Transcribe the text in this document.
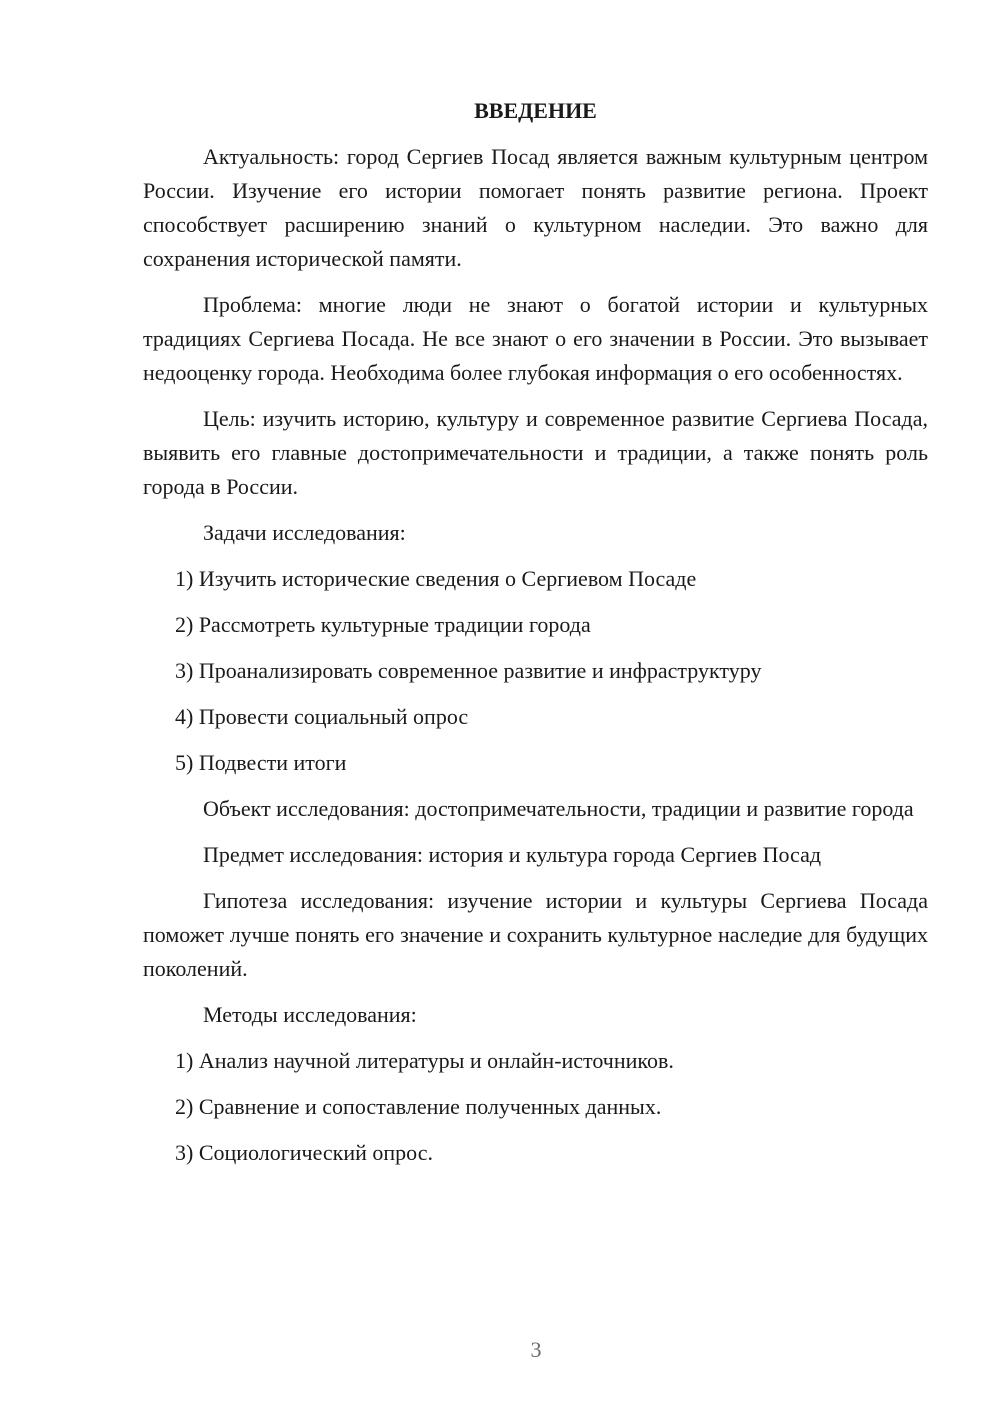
ВВЕДЕНИЕ

Актуальность: город Сергиев Посад является важным культурным центром России. Изучение его истории помогает понять развитие региона. Проект способствует расширению знаний о культурном наследии. Это важно для сохранения исторической памяти.

Проблема: многие люди не знают о богатой истории и культурных традициях Сергиева Посада. Не все знают о его значении в России. Это вызывает недооценку города. Необходима более глубокая информация о его особенностях.

Цель: изучить историю, культуру и современное развитие Сергиева Посада, выявить его главные достопримечательности и традиции, а также понять роль города в России.

Задачи исследования:

1) Изучить исторические сведения о Сергиевом Посаде
2) Рассмотреть культурные традиции города
3) Проанализировать современное развитие и инфраструктуру
4) Провести социальный опрос
5) Подвести итоги

Объект исследования: достопримечательности, традиции и развитие города

Предмет исследования: история и культура города Сергиев Посад

Гипотеза исследования: изучение истории и культуры Сергиева Посада поможет лучше понять его значение и сохранить культурное наследие для будущих поколений.

Методы исследования:

1) Анализ научной литературы и онлайн-источников.
2) Сравнение и сопоставление полученных данных.
3) Социологический опрос.
3
